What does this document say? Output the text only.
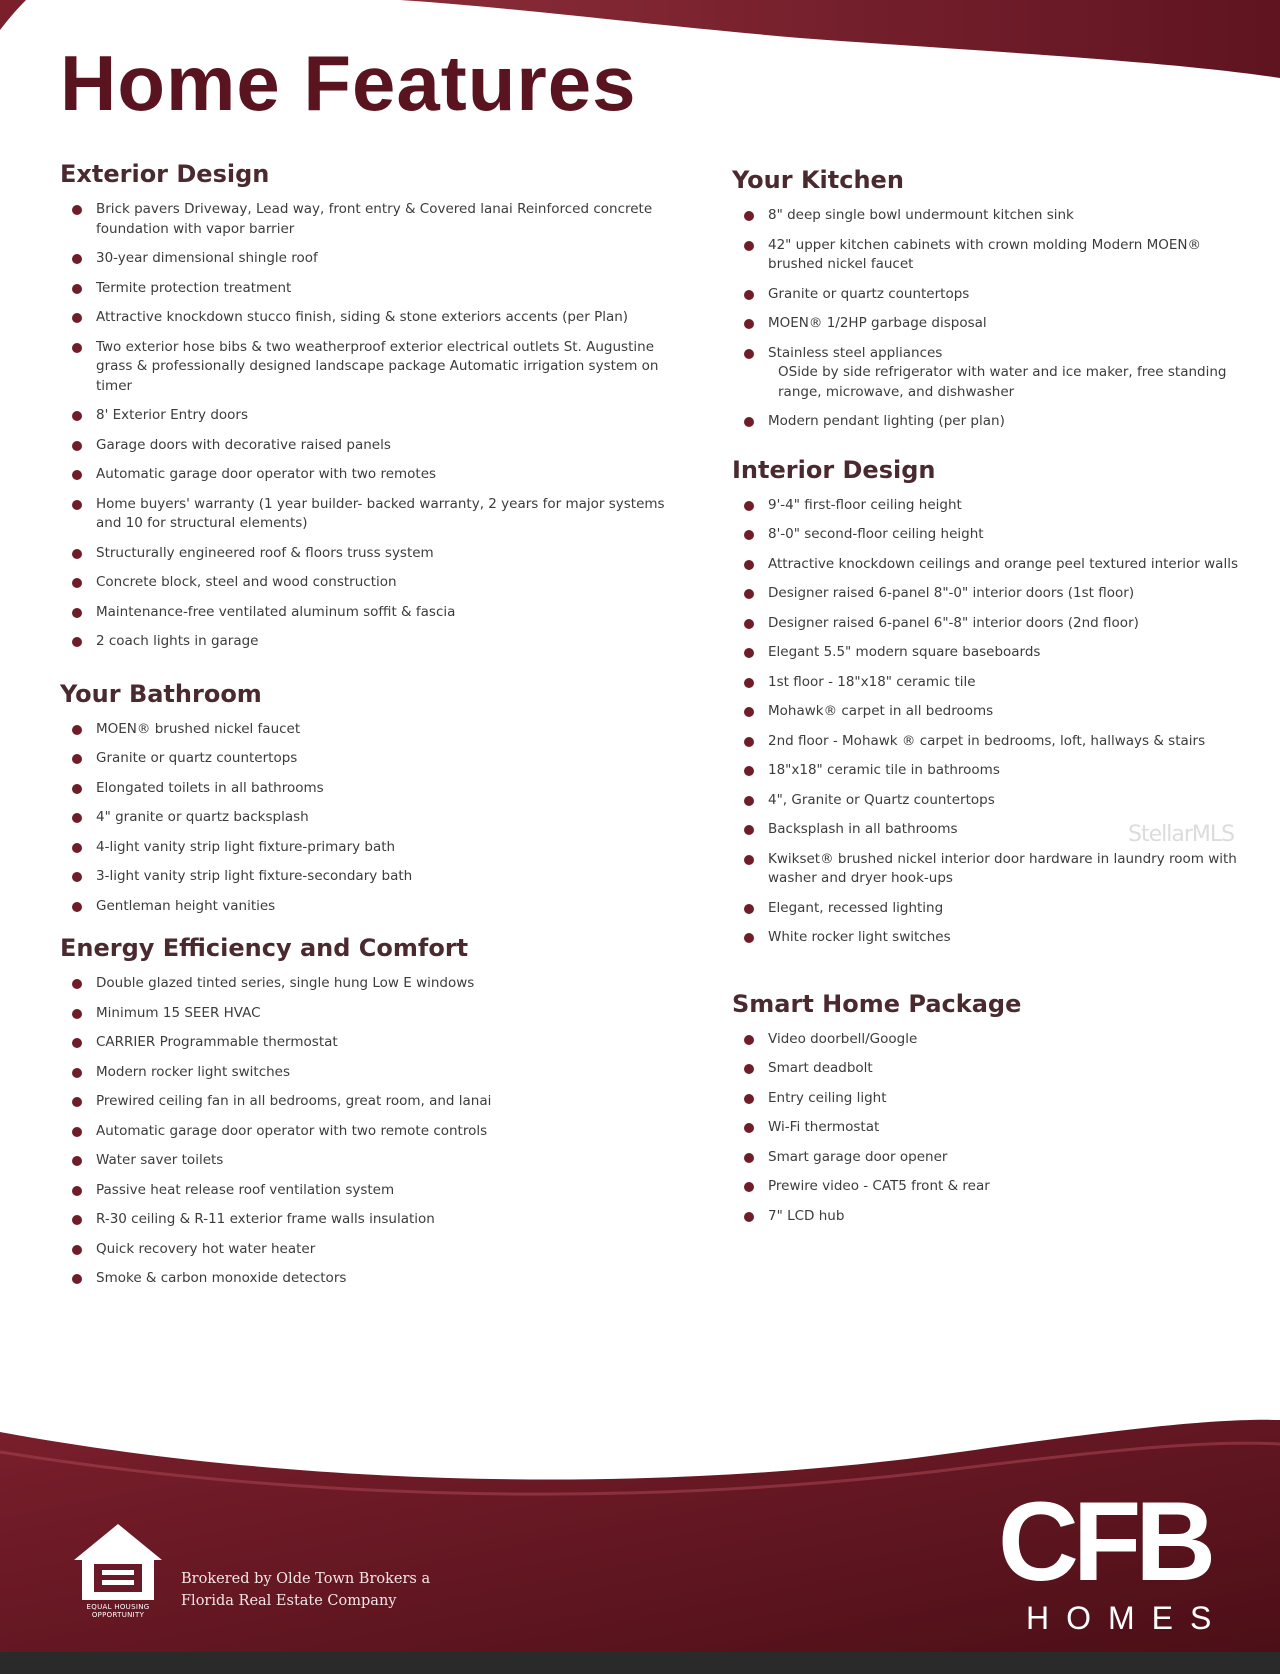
Home Features
Exterior Design
Brick pavers Driveway, Lead way, front entry & Covered lanai Reinforced concrete foundation with vapor barrier
30-year dimensional shingle roof
Termite protection treatment
Attractive knockdown stucco finish, siding & stone exteriors accents (per Plan)
Two exterior hose bibs & two weatherproof exterior electrical outlets St. Augustine grass & professionally designed landscape package Automatic irrigation system on timer
8' Exterior Entry doors
Garage doors with decorative raised panels
Automatic garage door operator with two remotes
Home buyers' warranty (1 year builder- backed warranty, 2 years for major systems and 10 for structural elements)
Structurally engineered roof & floors truss system
Concrete block, steel and wood construction
Maintenance-free ventilated aluminum soffit & fascia
2 coach lights in garage
Your Bathroom
MOEN® brushed nickel faucet
Granite or quartz countertops
Elongated toilets in all bathrooms
4" granite or quartz backsplash
4-light vanity strip light fixture-primary bath
3-light vanity strip light fixture-secondary bath
Gentleman height vanities
Energy Efficiency and Comfort
Double glazed tinted series, single hung Low E windows
Minimum 15 SEER HVAC
CARRIER Programmable thermostat
Modern rocker light switches
Prewired ceiling fan in all bedrooms, great room, and lanai
Automatic garage door operator with two remote controls
Water saver toilets
Passive heat release roof ventilation system
R-30 ceiling & R-11 exterior frame walls insulation
Quick recovery hot water heater
Smoke & carbon monoxide detectors
Your Kitchen
8" deep single bowl undermount kitchen sink
42" upper kitchen cabinets with crown molding Modern MOEN® brushed nickel faucet
Granite or quartz countertops
MOEN® 1/2HP garbage disposal
Stainless steel appliances
OSide by side refrigerator with water and ice maker, free standing range, microwave, and dishwasher
Modern pendant lighting (per plan)
Interior Design
9'-4" first-floor ceiling height
8'-0" second-floor ceiling height
Attractive knockdown ceilings and orange peel textured interior walls
Designer raised 6-panel 8"-0" interior doors (1st floor)
Designer raised 6-panel 6"-8" interior doors (2nd floor)
Elegant 5.5" modern square baseboards
1st floor - 18"x18" ceramic tile
Mohawk® carpet in all bedrooms
2nd floor - Mohawk ® carpet in bedrooms, loft, hallways & stairs
18"x18" ceramic tile in bathrooms
4", Granite or Quartz countertops
Backsplash in all bathrooms
Kwikset® brushed nickel interior door hardware in laundry room with washer and dryer hook-ups
Elegant, recessed lighting
White rocker light switches
Smart Home Package
Video doorbell/Google
Smart deadbolt
Entry ceiling light
Wi-Fi thermostat
Smart garage door opener
Prewire video - CAT5 front & rear
7" LCD hub
StellarMLS
EQUAL HOUSING OPPORTUNITY
Brokered by Olde Town Brokers a Florida Real Estate Company	CFB
HOMES
